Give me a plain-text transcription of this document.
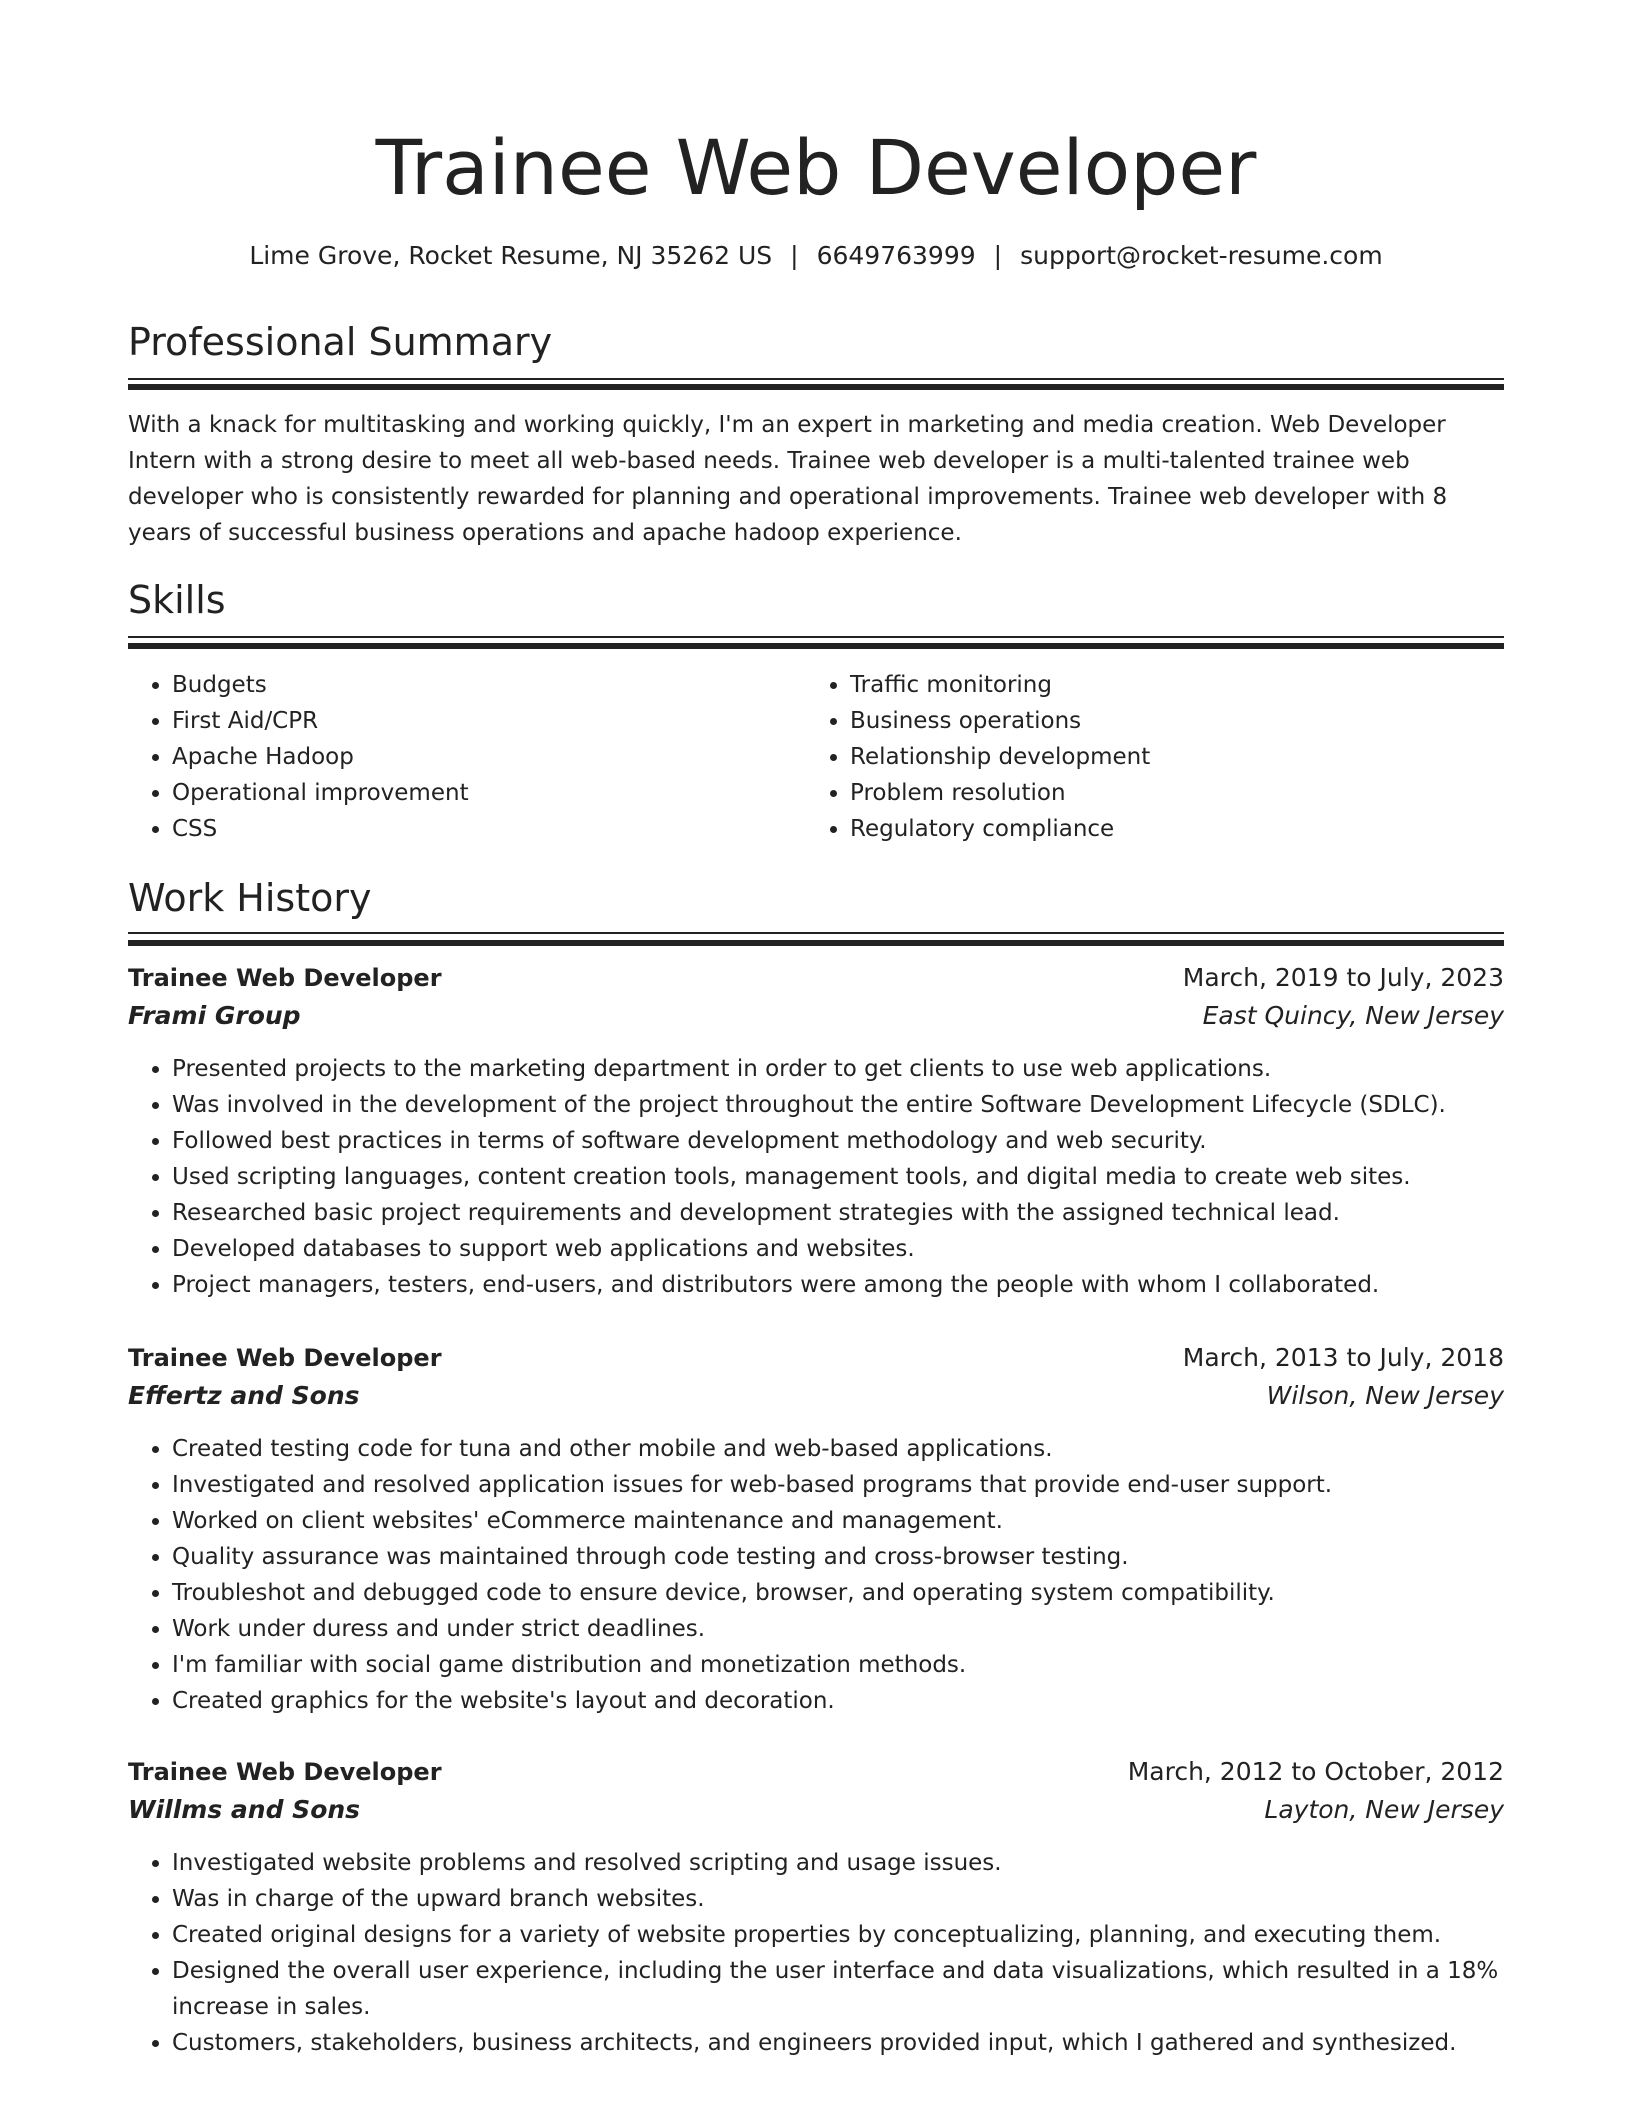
Trainee Web Developer
Lime Grove, Rocket Resume, NJ 35262 US | 6649763999 | support@rocket-resume.com
Professional Summary

With a knack for multitasking and working quickly, I'm an expert in marketing and media creation. Web Developer Intern with a strong desire to meet all web-based needs. Trainee web developer is a multi-talented trainee web developer who is consistently rewarded for planning and operational improvements. Trainee web developer with 8 years of successful business operations and apache hadoop experience.

Skills
• Budgets
• First Aid/CPR
• Apache Hadoop
• Operational improvement
• CSS
• Traffic monitoring
• Business operations
• Relationship development
• Problem resolution
• Regulatory compliance
Work History
Trainee Web Developer	March, 2019 to July, 2023
Frami Group	East Quincy, New Jersey
• Presented projects to the marketing department in order to get clients to use web applications.
• Was involved in the development of the project throughout the entire Software Development Lifecycle (SDLC).
• Followed best practices in terms of software development methodology and web security.
• Used scripting languages, content creation tools, management tools, and digital media to create web sites.
• Researched basic project requirements and development strategies with the assigned technical lead.
• Developed databases to support web applications and websites.
• Project managers, testers, end-users, and distributors were among the people with whom I collaborated.
Trainee Web Developer	March, 2013 to July, 2018
Effertz and Sons	Wilson, New Jersey
• Created testing code for tuna and other mobile and web-based applications.
• Investigated and resolved application issues for web-based programs that provide end-user support.
• Worked on client websites' eCommerce maintenance and management.
• Quality assurance was maintained through code testing and cross-browser testing.
• Troubleshot and debugged code to ensure device, browser, and operating system compatibility.
• Work under duress and under strict deadlines.
• I'm familiar with social game distribution and monetization methods.
• Created graphics for the website's layout and decoration.
Trainee Web Developer	March, 2012 to October, 2012
Willms and Sons	Layton, New Jersey
• Investigated website problems and resolved scripting and usage issues.
• Was in charge of the upward branch websites.
• Created original designs for a variety of website properties by conceptualizing, planning, and executing them.
• Designed the overall user experience, including the user interface and data visualizations, which resulted in a 18% increase in sales.
• Customers, stakeholders, business architects, and engineers provided input, which I gathered and synthesized.
